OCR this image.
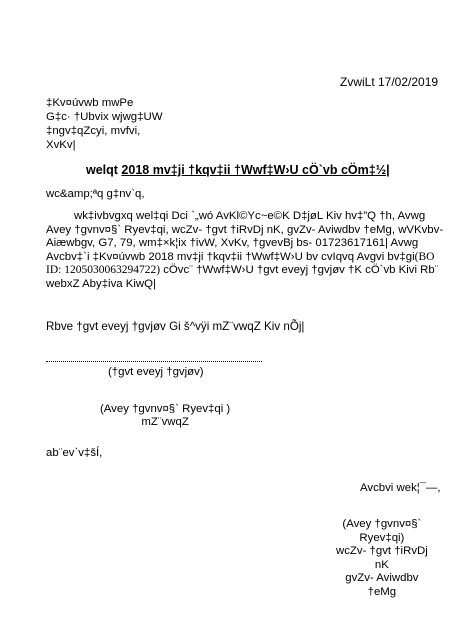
ZvwiLt 17/02/2019
‡Kv¤úvwb mwPe
G‡c· †Ubvix wjwg‡UW
‡ngv‡qZcyi, mvfvi,
XvKv|
welqt 2018 mv‡ji †kqv‡ii †Wwf‡W›U cÖ`vb cÖm‡½|
wc&amp;ªq g‡nv`q,
wk‡ivbvgxq wel‡qi Dci `„wó AvKl©Yc~e©K D‡jøL Kiv hv‡”Q †h, Avwg Avey †gvnv¤§` Ryev‡qi, wcZv- †gvt †iRvDj nK, gvZv- Aviwdbv †eMg, wVKvbv- Aiæwbgv, G7, 79, wm‡×k¦ix †ivW, XvKv, †gvevBj bs- 01723617161| Avwg Avcbv‡`i ‡Kv¤úvwb 2018 mv‡ji †kqv‡ii †Wwf‡W›U bv cvIqvq Avgvi bv‡gi(BO ID: 1205030063294722) cÖvc¨ †Wwf‡W›U †gvt eveyj †gvjøv †K cÖ`vb Kivi Rb¨ webxZ Aby‡iva KiwQ|
Rbve †gvt eveyj †gvjøv Gi š^vÿi mZ¨vwqZ Kiv nÕj|
(†gvt eveyj †gvjøv)
(Avey †gvnv¤§` Ryev‡qi )
mZ¨vwqZ
ab¨ev`v‡šÍ,
Avcbvi wek¦¯—,
(Avey †gvnv¤§`
Ryev‡qi)
wcZv- †gvt †iRvDj
nK
gvZv- Aviwdbv
†eMg
